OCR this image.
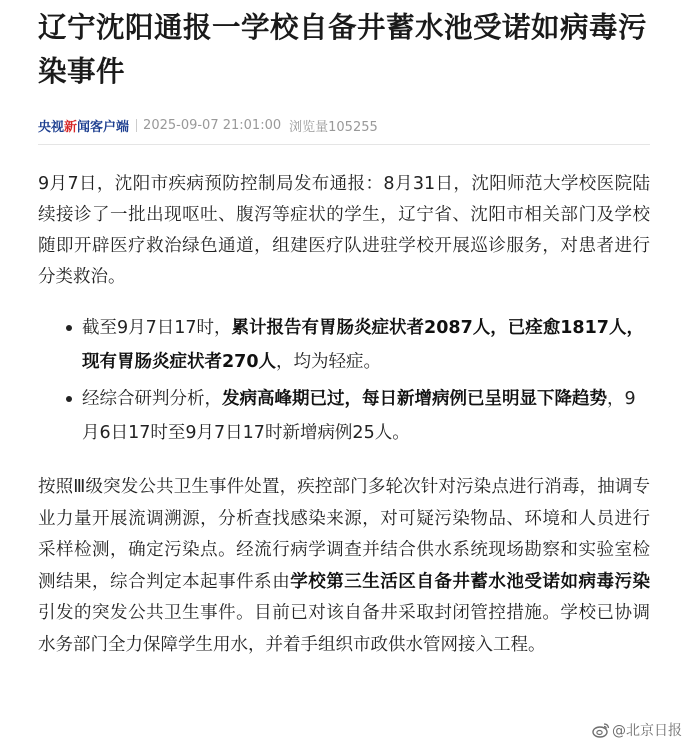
辽宁沈阳通报一学校自备井蓄水池受诺如病毒污染事件
央视新闻客户端 2025-09-07 21:01:00 浏览量105255

9月7日，沈阳市疾病预防控制局发布通报：8月31日，沈阳师范大学校医院陆续接诊了一批出现呕吐、腹泻等症状的学生，辽宁省、沈阳市相关部门及学校随即开辟医疗救治绿色通道，组建医疗队进驻学校开展巡诊服务，对患者进行分类救治。

截至9月7日17时，累计报告有胃肠炎症状者2087人，已痊愈1817人，现有胃肠炎症状者270人，均为轻症。
经综合研判分析，发病高峰期已过，每日新增病例已呈明显下降趋势，9月6日17时至9月7日17时新增病例25人。

按照Ⅲ级突发公共卫生事件处置，疾控部门多轮次针对污染点进行消毒，抽调专业力量开展流调溯源，分析查找感染来源，对可疑污染物品、环境和人员进行采样检测，确定污染点。经流行病学调查并结合供水系统现场勘察和实验室检测结果，综合判定本起事件系由学校第三生活区自备井蓄水池受诺如病毒污染引发的突发公共卫生事件。目前已对该自备井采取封闭管控措施。学校已协调水务部门全力保障学生用水，并着手组织市政供水管网接入工程。

@北京日报
